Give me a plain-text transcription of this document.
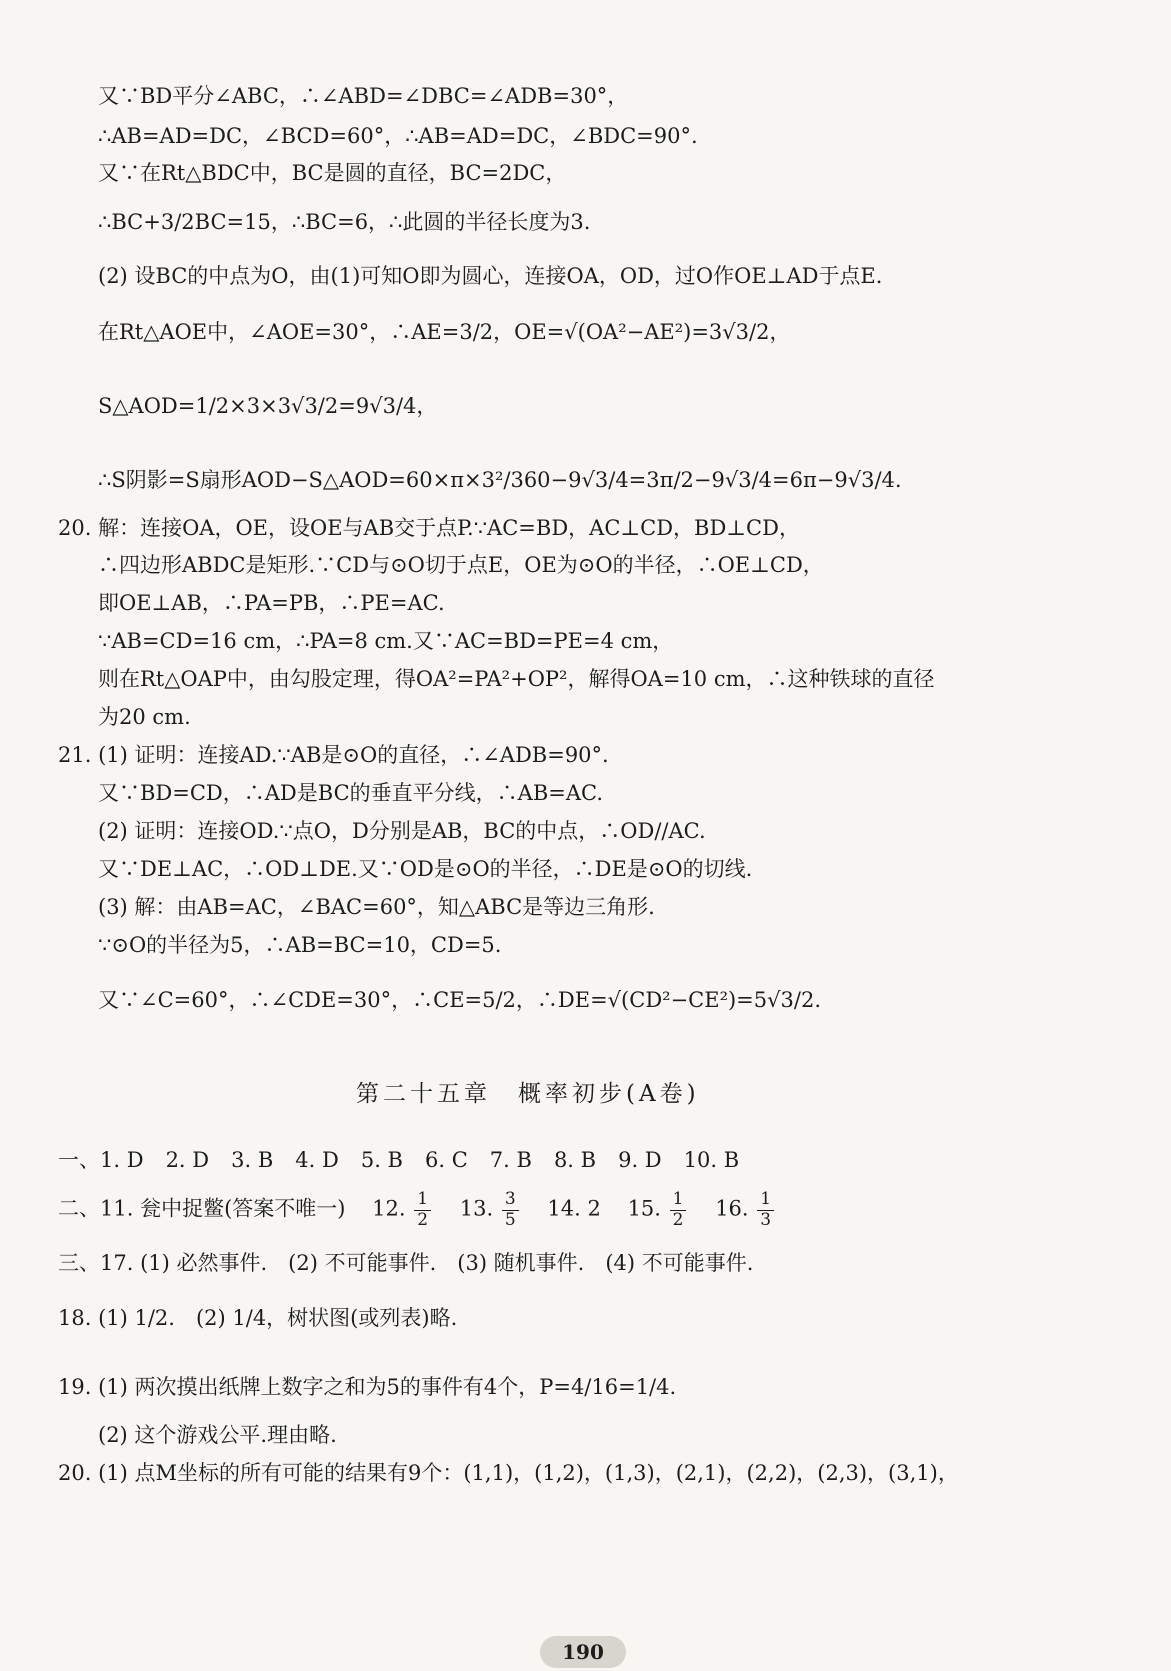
又∵BD平分∠ABC，∴∠ABD=∠DBC=∠ADB=30°，
∴AB=AD=DC，∠BCD=60°，∴AB=AD=DC，∠BDC=90°.
又∵在Rt△BDC中，BC是圆的直径，BC=2DC，
∴BC+3/2BC=15，∴BC=6，∴此圆的半径长度为3.
(2) 设BC的中点为O，由(1)可知O即为圆心，连接OA，OD，过O作OE⊥AD于点E.
在Rt△AOE中，∠AOE=30°，∴AE=3/2，OE=√(OA²−AE²)=3√3/2，
S△AOD=1/2×3×3√3/2=9√3/4，
∴S阴影=S扇形AOD−S△AOD=60×π×3²/360−9√3/4=3π/2−9√3/4=6π−9√3/4.
20. 解：连接OA，OE，设OE与AB交于点P.∵AC=BD，AC⊥CD，BD⊥CD，
∴四边形ABDC是矩形.∵CD与⊙O切于点E，OE为⊙O的半径，∴OE⊥CD，
即OE⊥AB，∴PA=PB，∴PE=AC.
∵AB=CD=16 cm，∴PA=8 cm.又∵AC=BD=PE=4 cm，
则在Rt△OAP中，由勾股定理，得OA²=PA²+OP²，解得OA=10 cm，∴这种铁球的直径
为20 cm.
21. (1) 证明：连接AD.∵AB是⊙O的直径，∴∠ADB=90°.
又∵BD=CD，∴AD是BC的垂直平分线，∴AB=AC.
(2) 证明：连接OD.∵点O，D分别是AB，BC的中点，∴OD//AC.
又∵DE⊥AC，∴OD⊥DE.又∵OD是⊙O的半径，∴DE是⊙O的切线.
(3) 解：由AB=AC，∠BAC=60°，知△ABC是等边三角形.
∵⊙O的半径为5，∴AB=BC=10，CD=5.
又∵∠C=60°，∴∠CDE=30°，∴CE=5/2，∴DE=√(CD²−CE²)=5√3/2.
第二十五章　概率初步(A卷)
一、1. D 2. D 3. B 4. D 5. B 6. C 7. B 8. B 9. D 10. B
二、11. 瓮中捉鳖(答案不唯一) 12. $\frac{1}{2} 13$. $\frac{3}{5} 14$. 2 15. $\frac{1}{2} 16$. $\frac{1}{3}$
三、17. (1) 必然事件.　(2) 不可能事件.　(3) 随机事件.　(4) 不可能事件.
18. (1) 1/2.　(2) 1/4，树状图(或列表)略.
19. (1) 两次摸出纸牌上数字之和为5的事件有4个，P=4/16=1/4.
(2) 这个游戏公平.理由略.
20. (1) 点M坐标的所有可能的结果有9个：(1,1)，(1,2)，(1,3)，(2,1)，(2,2)，(2,3)，(3,1)，
190
